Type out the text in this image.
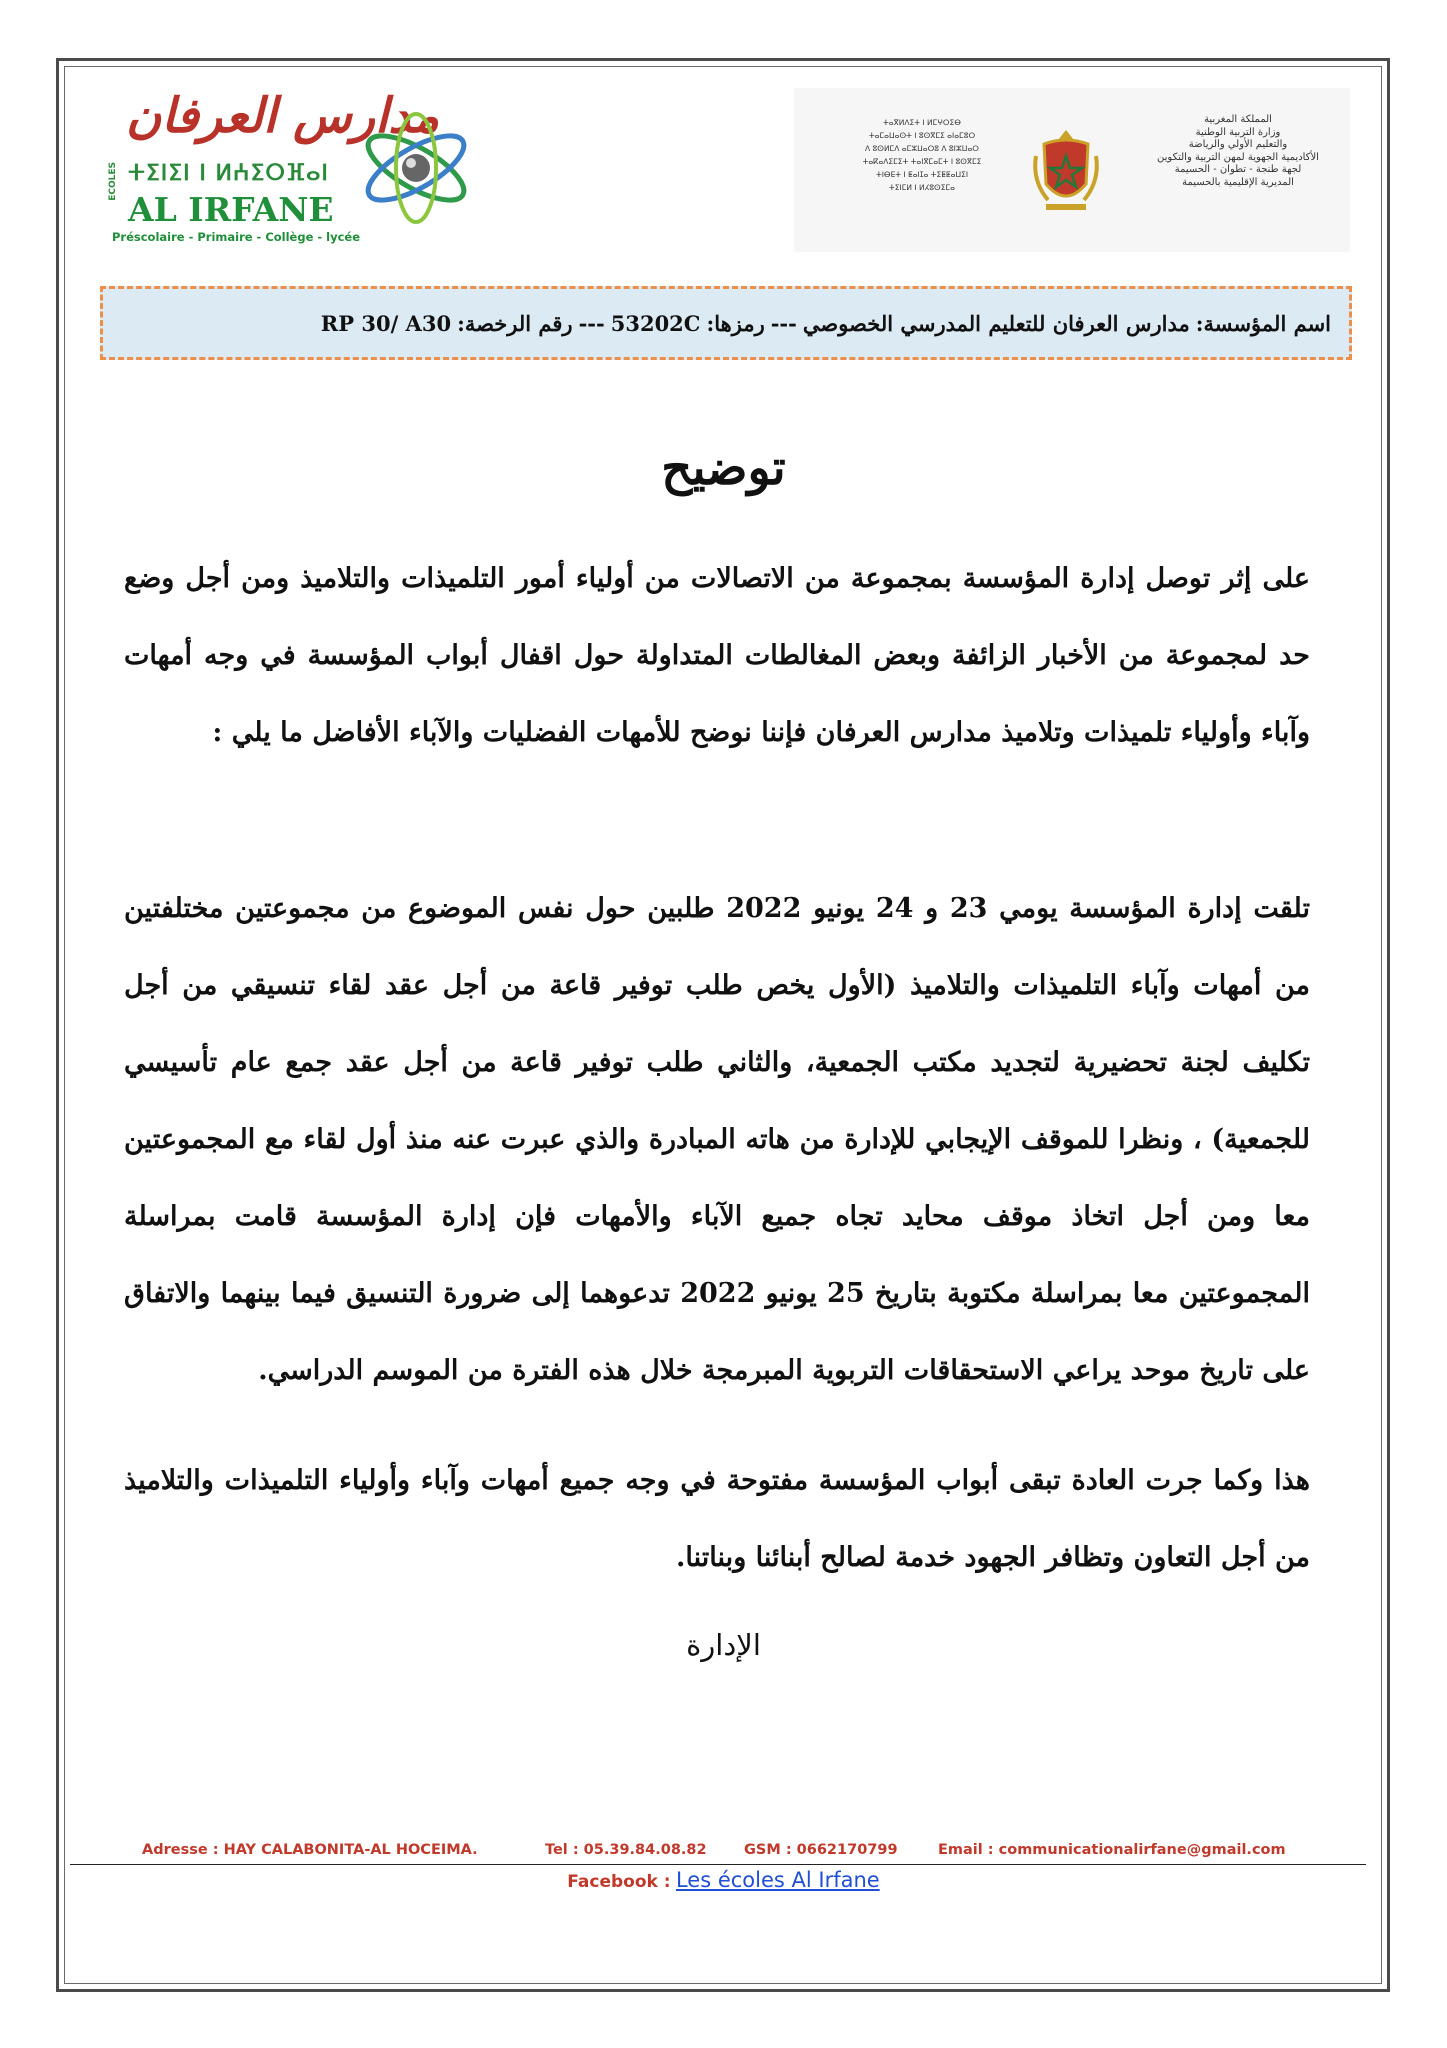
مدارس العرفان
ECOLES ⵜⵉⵏⵉⵏ ⵏ ⵍⵄⵉⵔⴼⴰⵏ
AL IRFANE
Préscolaire - Primaire - Collège - lycée
ⵜⴰⴳⵍⴷⵉⵜ ⵏ ⵍⵎⵖⵔⵉⴱ
ⵜⴰⵎⴰⵡⴰⵙⵜ ⵏ ⵓⵙⴳⵎⵉ ⴰⵏⴰⵎⵓⵔ
ⴷ ⵓⵙⵍⵎⴷ ⴰⵎⵣⵡⴰⵔⵓ ⴷ ⵓⵏⵣⵡⴰⵔ
ⵜⴰⴽⴰⴷⵉⵎⵉⵜ ⵜⴰⵏⴳⵎⴰⵎⵜ ⵏ ⵓⵙⴳⵎⵉ
ⵜⵏⴱⴹⵜ ⵏ ⵟⴰⵏⵊⴰ ⵜⵉⵟⵟⴰⵡⵉⵏ
ⵜⵉⵏⵎⵍ ⵏ ⵍⵃⵓⵙⵉⵎⴰ
المملكة المغربية
وزارة التربية الوطنية
والتعليم الأولي والرياضة
الأكاديمية الجهوية لمهن التربية والتكوين
لجهة طنجة - تطوان - الحسيمة
المديرية الإقليمية بالحسيمة
اسم المؤسسة:
مدارس العرفان للتعليم المدرسي الخصوصي
---
رمزها:
53202C
---
رقم الرخصة:
RP 30/ A30
توضيح

على إثر توصل إدارة المؤسسة بمجموعة من الاتصالات من أولياء أمور التلميذات والتلاميذ ومن أجل وضع حد لمجموعة من الأخبار الزائفة وبعض المغالطات المتداولة حول اقفال أبواب المؤسسة في وجه أمهات وآباء وأولياء تلميذات وتلاميذ مدارس العرفان فإننا نوضح للأمهات الفضليات والآباء الأفاضل ما يلي :

تلقت إدارة المؤسسة يومي 23 و 24 يونيو 2022 طلبين حول نفس الموضوع من مجموعتين مختلفتين من أمهات وآباء التلميذات والتلاميذ (الأول يخص طلب توفير قاعة من أجل عقد لقاء تنسيقي من أجل تكليف لجنة تحضيرية لتجديد مكتب الجمعية، والثاني طلب توفير قاعة من أجل عقد جمع عام تأسيسي للجمعية) ، ونظرا للموقف الإيجابي للإدارة من هاته المبادرة والذي عبرت عنه منذ أول لقاء مع المجموعتين معا ومن أجل اتخاذ موقف محايد تجاه جميع الآباء والأمهات فإن إدارة المؤسسة قامت بمراسلة المجموعتين معا بمراسلة مكتوبة بتاريخ 25 يونيو 2022 تدعوهما إلى ضرورة التنسيق فيما بينهما والاتفاق على تاريخ موحد يراعي الاستحقاقات التربوية المبرمجة خلال هذه الفترة من الموسم الدراسي.

هذا وكما جرت العادة تبقى أبواب المؤسسة مفتوحة في وجه جميع أمهات وآباء وأولياء التلميذات والتلاميذ من أجل التعاون وتظافر الجهود خدمة لصالح أبنائنا وبناتنا.

الإدارة
Adresse : HAY CALABONITA-AL HOCEIMA.	Tel : 05.39.84.08.82	GSM : 0662170799	Email : communicationalirfane@gmail.com
Facebook : Les écoles Al Irfane
